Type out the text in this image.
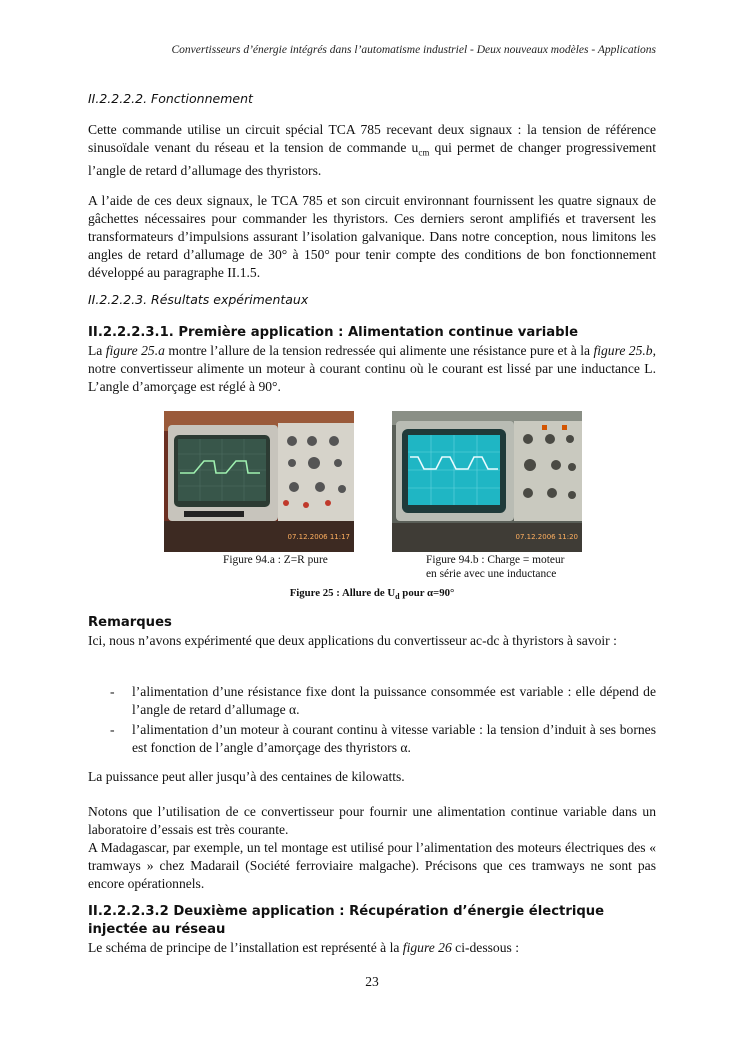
Convertisseurs d’énergie intégrés dans l’automatisme industriel - Deux nouveaux modèles - Applications
II.2.2.2.2. Fonctionnement

Cette commande utilise un circuit spécial TCA 785 recevant deux signaux : la tension de référence sinusoïdale venant du réseau et la tension de commande $u_{cm}$ qui permet de changer progressivement l’angle de retard d’allumage des thyristors.

A l’aide de ces deux signaux, le TCA 785 et son circuit environnant fournissent les quatre signaux de gâchettes nécessaires pour commander les thyristors. Ces derniers seront amplifiés et traversent les transformateurs d’impulsions assurant l’isolation galvanique. Dans notre conception, nous limitons les angles de retard d’allumage de 30° à 150° pour tenir compte des conditions de bon fonctionnement développé au paragraphe II.1.5.

II.2.2.2.3. Résultats expérimentaux
II.2.2.2.3.1. Première application : Alimentation continue variable

La figure 25.a montre l’allure de la tension redressée qui alimente une résistance pure et à la figure 25.b, notre convertisseur alimente un moteur à courant continu où le courant est lissé par une inductance L. L’angle d’amorçage est réglé à 90°.

07.12.2006 11:17	07.12.2006 11:20
Figure 94.a : Z=R pure	Figure 94.b : Charge = moteur
en série avec une inductance
Figure 25 : Allure de $U_d$ pour α=90°
Remarques

Ici, nous n’avons expérimenté que deux applications du convertisseur ac-dc à thyristors à savoir :

- l’alimentation d’une résistance fixe dont la puissance consommée est variable : elle dépend de l’angle de retard d’allumage α.

- l’alimentation d’un moteur à courant continu à vitesse variable : la tension d’induit à ses bornes est fonction de l’angle d’amorçage des thyristors α.

La puissance peut aller jusqu’à des centaines de kilowatts.

Notons que l’utilisation de ce convertisseur pour fournir une alimentation continue variable dans un laboratoire d’essais est très courante.

A Madagascar, par exemple, un tel montage est utilisé pour l’alimentation des moteurs électriques des « tramways » chez Madarail (Société ferroviaire malgache). Précisons que ces tramways ne sont pas encore opérationnels.

II.2.2.2.3.2 Deuxième application : Récupération d’énergie électrique injectée au réseau

Le schéma de principe de l’installation est représenté à la figure 26 ci-dessous :

23
